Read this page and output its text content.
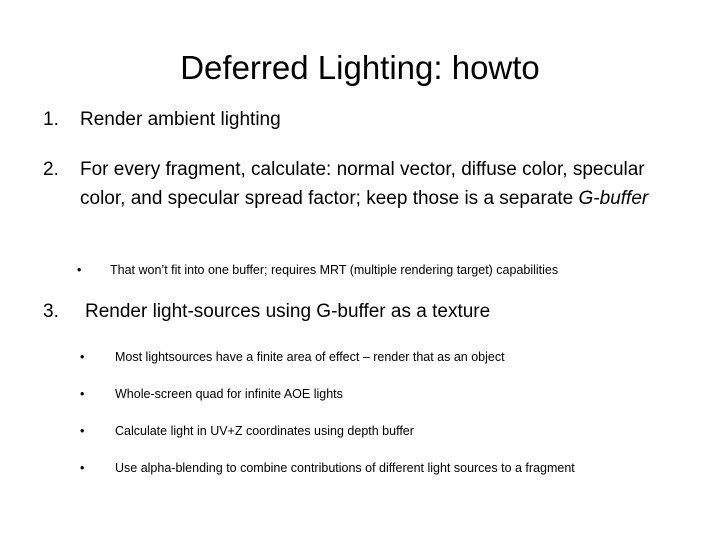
Deferred Lighting: howto
1. Render ambient lighting
2. For every fragment, calculate: normal vector, diffuse color, specular color, and specular spread factor; keep those is a separate G-buffer
• That won’t fit into one buffer; requires MRT (multiple rendering target) capabilities
3. Render light-sources using G-buffer as a texture
• Most lightsources have a finite area of effect – render that as an object
• Whole-screen quad for infinite AOE lights
• Calculate light in UV+Z coordinates using depth buffer
• Use alpha-blending to combine contributions of different light sources to a fragment
